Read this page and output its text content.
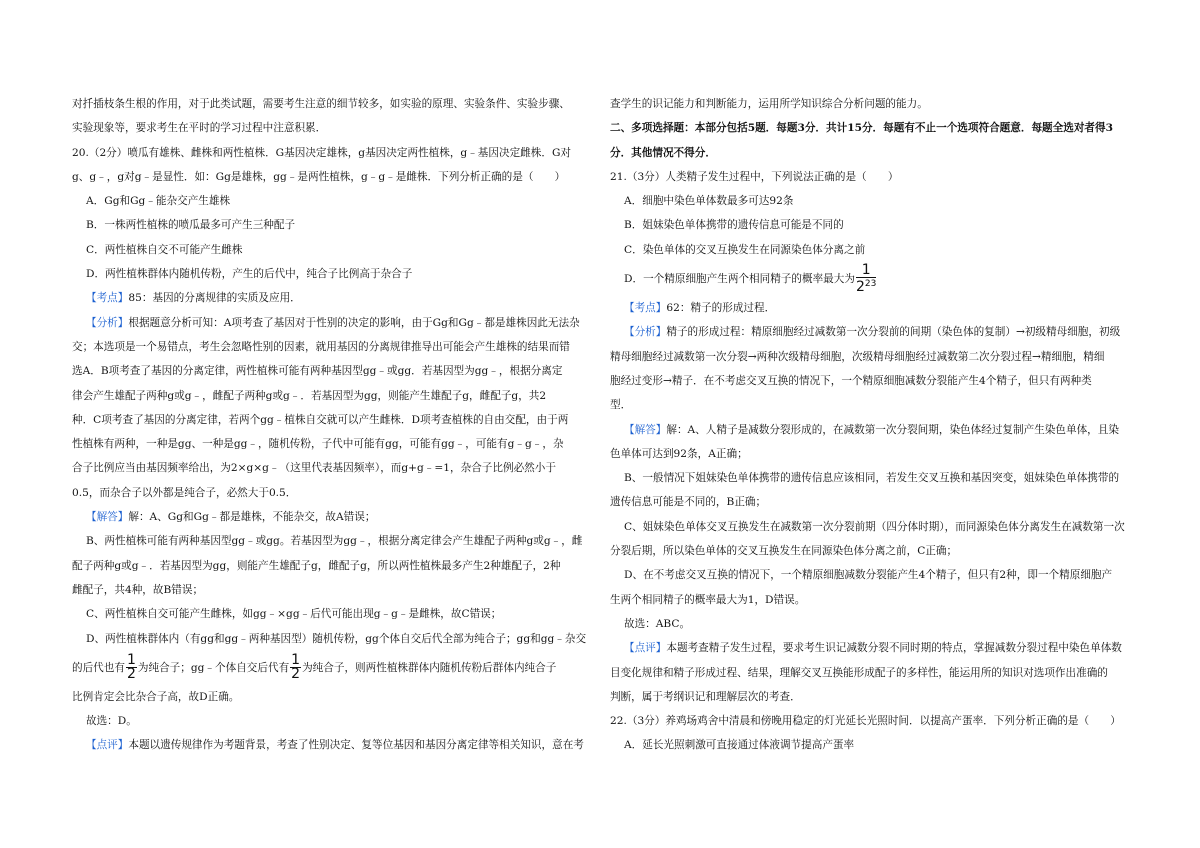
对扦插枝条生根的作用，对于此类试题，需要考生注意的细节较多，如实验的原理、实验条件、实验步骤、
实验现象等，要求考生在平时的学习过程中注意积累．
20.（2分）喷瓜有雄株、雌株和两性植株．G基因决定雄株，g基因决定两性植株，g﹣基因决定雌株．G对
g、g﹣，g对g﹣是显性．如：Gg是雄株，gg﹣是两性植株，g﹣g﹣是雌株．下列分析正确的是（　　）
A．Gg和Gg﹣能杂交产生雄株
B．一株两性植株的喷瓜最多可产生三种配子
C．两性植株自交不可能产生雌株
D．两性植株群体内随机传粉，产生的后代中，纯合子比例高于杂合子
【考点】85：基因的分离规律的实质及应用．
【分析】根据题意分析可知：A项考查了基因对于性别的决定的影响，由于Gg和Gg﹣都是雄株因此无法杂
交；本选项是一个易错点，考生会忽略性别的因素，就用基因的分离规律推导出可能会产生雄株的结果而错
选A．B项考查了基因的分离定律，两性植株可能有两种基因型gg﹣或gg．若基因型为gg﹣，根据分离定
律会产生雄配子两种g或g﹣，雌配子两种g或g﹣．若基因型为gg，则能产生雄配子g，雌配子g，共2
种．C项考查了基因的分离定律，若两个gg﹣植株自交就可以产生雌株．D项考查植株的自由交配，由于两
性植株有两种，一种是gg、一种是gg﹣，随机传粉，子代中可能有gg，可能有gg﹣，可能有g﹣g﹣，杂
合子比例应当由基因频率给出，为2×g×g﹣（这里代表基因频率），而g+g﹣=1，杂合子比例必然小于
0.5，而杂合子以外都是纯合子，必然大于0.5．
【解答】解：A、Gg和Gg﹣都是雄株，不能杂交，故A错误；
B、两性植株可能有两种基因型gg﹣或gg。若基因型为gg﹣，根据分离定律会产生雄配子两种g或g﹣，雌
配子两种g或g﹣．若基因型为gg，则能产生雄配子g，雌配子g，所以两性植株最多产生2种雄配子，2种
雌配子，共4种，故B错误；
C、两性植株自交可能产生雌株，如gg﹣×gg﹣后代可能出现g﹣g﹣是雌株，故C错误；
D、两性植株群体内（有gg和gg﹣两种基因型）随机传粉，gg个体自交后代全部为纯合子；gg和gg﹣杂交
的后代也有 $\frac{1}{2}$ 为纯合子；gg﹣个体自交后代有 $\frac{1}{2}$ 为纯合子，则两性植株群体内随机传粉后群体内纯合子
比例肯定会比杂合子高，故D正确。
故选：D。
【点评】本题以遗传规律作为考题背景，考查了性别决定、复等位基因和基因分离定律等相关知识，意在考
查学生的识记能力和判断能力，运用所学知识综合分析问题的能力。
二、多项选择题：本部分包括5题．每题3分．共计15分．每题有不止一个选项符合题意．每题全选对者得3
分．其他情况不得分．
21.（3分）人类精子发生过程中，下列说法正确的是（　　）
A．细胞中染色单体数最多可达92条
B．姐妹染色单体携带的遗传信息可能是不同的
C．染色单体的交叉互换发生在同源染色体分离之前
D．一个精原细胞产生两个相同精子的概率最大为 $\frac{1}{2^{23}}$
【考点】62：精子的形成过程．
【分析】精子的形成过程：精原细胞经过减数第一次分裂前的间期（染色体的复制）→初级精母细胞，初级
精母细胞经过减数第一次分裂→两种次级精母细胞，次级精母细胞经过减数第二次分裂过程→精细胞，精细
胞经过变形→精子．在不考虑交叉互换的情况下，一个精原细胞减数分裂能产生4个精子，但只有两种类
型．
【解答】解：A、人精子是减数分裂形成的，在减数第一次分裂间期，染色体经过复制产生染色单体，且染
色单体可达到92条，A正确；
B、一般情况下姐妹染色单体携带的遗传信息应该相同，若发生交叉互换和基因突变，姐妹染色单体携带的
遗传信息可能是不同的，B正确；
C、姐妹染色单体交叉互换发生在减数第一次分裂前期（四分体时期），而同源染色体分离发生在减数第一次
分裂后期，所以染色单体的交叉互换发生在同源染色体分离之前，C正确；
D、在不考虑交叉互换的情况下，一个精原细胞减数分裂能产生4个精子，但只有2种，即一个精原细胞产
生两个相同精子的概率最大为1，D错误。
故选：ABC。
【点评】本题考查精子发生过程，要求考生识记减数分裂不同时期的特点，掌握减数分裂过程中染色单体数
目变化规律和精子形成过程、结果，理解交叉互换能形成配子的多样性，能运用所的知识对选项作出准确的
判断，属于考纲识记和理解层次的考查．
22.（3分）养鸡场鸡舍中清晨和傍晚用稳定的灯光延长光照时间．以提高产蛋率．下列分析正确的是（　　）
A．延长光照刺激可直接通过体液调节提高产蛋率
